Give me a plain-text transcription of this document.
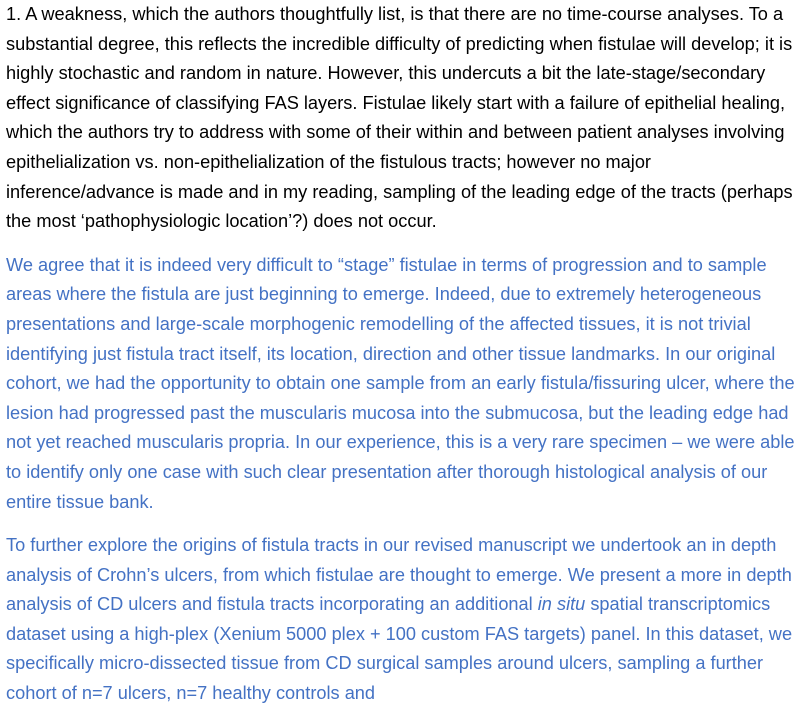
1. A weakness, which the authors thoughtfully list, is that there are no time-course analyses. To a substantial degree, this reflects the incredible difficulty of predicting when fistulae will develop; it is highly stochastic and random in nature. However, this undercuts a bit the late-stage/secondary effect significance of classifying FAS layers. Fistulae likely start with a failure of epithelial healing, which the authors try to address with some of their within and between patient analyses involving epithelialization vs. non-epithelialization of the fistulous tracts; however no major inference/advance is made and in my reading, sampling of the leading edge of the tracts (perhaps the most ‘pathophysiologic location’?) does not occur.

We agree that it is indeed very difficult to “stage” fistulae in terms of progression and to sample areas where the fistula are just beginning to emerge. Indeed, due to extremely heterogeneous presentations and large-scale morphogenic remodelling of the affected tissues, it is not trivial identifying just fistula tract itself, its location, direction and other tissue landmarks. In our original cohort, we had the opportunity to obtain one sample from an early fistula/fissuring ulcer, where the lesion had progressed past the muscularis mucosa into the submucosa, but the leading edge had not yet reached muscularis propria. In our experience, this is a very rare specimen – we were able to identify only one case with such clear presentation after thorough histological analysis of our entire tissue bank.

To further explore the origins of fistula tracts in our revised manuscript we undertook an in depth analysis of Crohn’s ulcers, from which fistulae are thought to emerge. We present a more in depth analysis of CD ulcers and fistula tracts incorporating an additional in situ spatial transcriptomics dataset using a high-plex (Xenium 5000 plex + 100 custom FAS targets) panel. In this dataset, we specifically micro-dissected tissue from CD surgical samples around ulcers, sampling a further cohort of n=7 ulcers, n=7 healthy controls and
